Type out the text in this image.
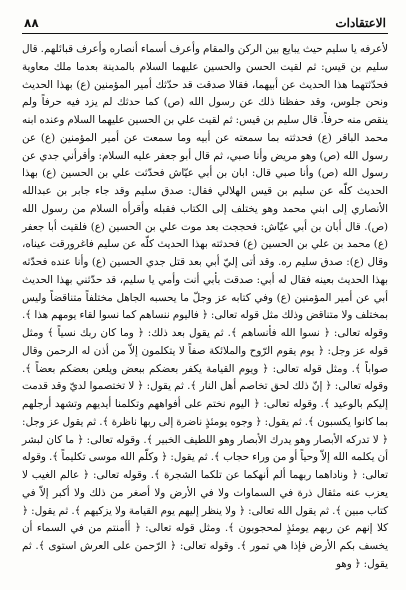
٨٨	الاعتقادات

لأعرفه يا سليم حيث يبايع بين الركن والمقام وأعرف أسماء أنصاره وأعرف قبائلهم. قال سليم بن قيس: ثم لقيت الحسن والحسين عليهما السلام بالمدينة بعدما ملك معاوية فحدّثتهما هذا الحديث عن أبيهما، فقالا صدقت قد حدّثك أمير المؤمنين (ع) بهذا الحديث ونحن جلوس، وقد حفظنا ذلك عن رسول الله (ص) كما حدثك لم يزد فيه حرفاً ولم ينقص منه حرفاً. قال سليم بن قيس: ثم لقيت علي بن الحسين عليهما السلام وعنده ابنه محمد الباقر (ع) فحدثته بما سمعته عن أبيه وما سمعت عن أمير المؤمنين (ع) عن رسول الله (ص) وهو مريض وأنا صبي، ثم قال أبو جعفر عليه السلام: وأقرأني جدي عن رسول الله (ص) وأنا صبي قال: ابان بن أبي عيّاش فحدّثت علي بن الحسين (ع) بهذا الحديث كلّه عن سليم بن قيس الهلالي فقال: صدق سليم وقد جاء جابر بن عبدالله الأنصاري إلى ابني محمد وهو يختلف إلى الكتاب فقبله وأقرأه السلام من رسول الله (ص). قال أبان بن أبي عيّاش: فحججت بعد موت علي بن الحسين (ع) فلقيت أبا جعفر (ع) محمد بن علي بن الحسين (ع) فحدثته بهذا الحديث كلّه عن سليم فاغرورقت عيناه، وقال (ع): صدق سليم ره. وقد أتى إليّ أبي بعد قتل جدي الحسين (ع) وأنا عنده فحدّثه بهذا الحديث بعينه فقال له أبي: صدقت بأبي أنت وأمي يا سليم، قد حدّثني بهذا الحديث أبي عن أمير المؤمنين (ع) وفي كتابه عز وجلّ ما يحسبه الجاهل مختلفاً متناقضاً وليس بمختلف ولا متناقض وذلك مثل قوله تعالى: ﴿ فاليوم ننساهم كما نسوا لقاء يومهم هذا ﴾. وقوله تعالى: ﴿ نسوا الله فأنساهم ﴾. ثم يقول بعد ذلك: ﴿ وما كان ربك نسياً ﴾ ومثل قوله عز وجل: ﴿ يوم يقوم الرّوح والملائكة صفاً لا يتكلمون إلاّ من أذن له الرحمن وقال صواباً ﴾. ومثل قوله تعالى: ﴿ ويوم القيامة يكفر بعضكم ببعض ويلعن بعضكم بعضاً ﴾. وقوله تعالى: ﴿ إنّ ذلك لحق تخاصم أهل النار ﴾. ثم يقول: ﴿ لا تختصموا لديّ وقد قدمت إليكم بالوعيد ﴾. وقوله تعالى: ﴿ اليوم نختم على أفواههم وتكلمنا أيديهم وتشهد أرجلهم بما كانوا يكسبون ﴾. ثم يقول: ﴿ وجوه يومئذٍ ناضرة إلى ربها ناظرة ﴾. ثم يقول عز وجل: ﴿ لا تدركه الأبصار وهو يدرك الأبصار وهو اللطيف الخبير ﴾. وقوله تعالى: ﴿ ما كان لبشر أن يكلمه الله إلاّ وحياً أو من وراء حجاب ﴾. ثم يقول: ﴿ وكلّم الله موسى تكليماً ﴾. وقوله تعالى: ﴿ وناداهما ربهما ألم أنهكما عن تلكما الشجرة ﴾. وقوله تعالى: ﴿ عالم الغيب لا يعزب عنه مثقال ذرة في السماوات ولا في الأرض ولا أصغر من ذلك ولا أكبر إلاّ في كتاب مبين ﴾. ثم يقول الله تعالى: ﴿ ولا ينظر إليهم يوم القيامة ولا يزكيهم ﴾. ثم يقول: ﴿ كلا إنهم عن ربهم يومئذٍ لمحجوبون ﴾. ومثل قوله تعالى: ﴿ أأمنتم من في السماء أن يخسف بكم الأرض فإذا هي تمور ﴾. وقوله تعالى: ﴿ الرّحمن على العرش استوى ﴾. ثم يقول: ﴿ وهو
